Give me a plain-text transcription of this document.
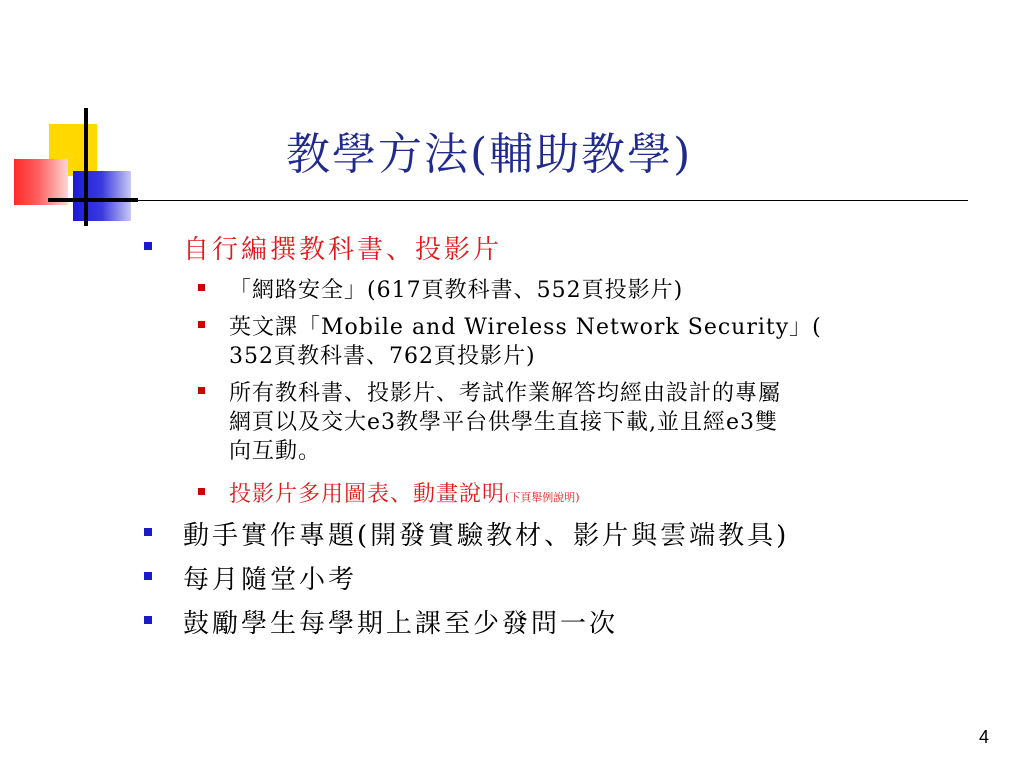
教學方法(輔助教學)
自行編撰教科書、投影片
「網路安全」(617頁教科書、552頁投影片)
英文課「Mobile and Wireless Network Security」(
352頁教科書、762頁投影片)
所有教科書、投影片、考試作業解答均經由設計的專屬
網頁以及交大e3教學平台供學生直接下載,並且經e3雙
向互動。
投影片多用圖表、動畫說明(下頁舉例說明)
動手實作專題(開發實驗教材、影片與雲端教具)
每月隨堂小考
鼓勵學生每學期上課至少發問一次
4
